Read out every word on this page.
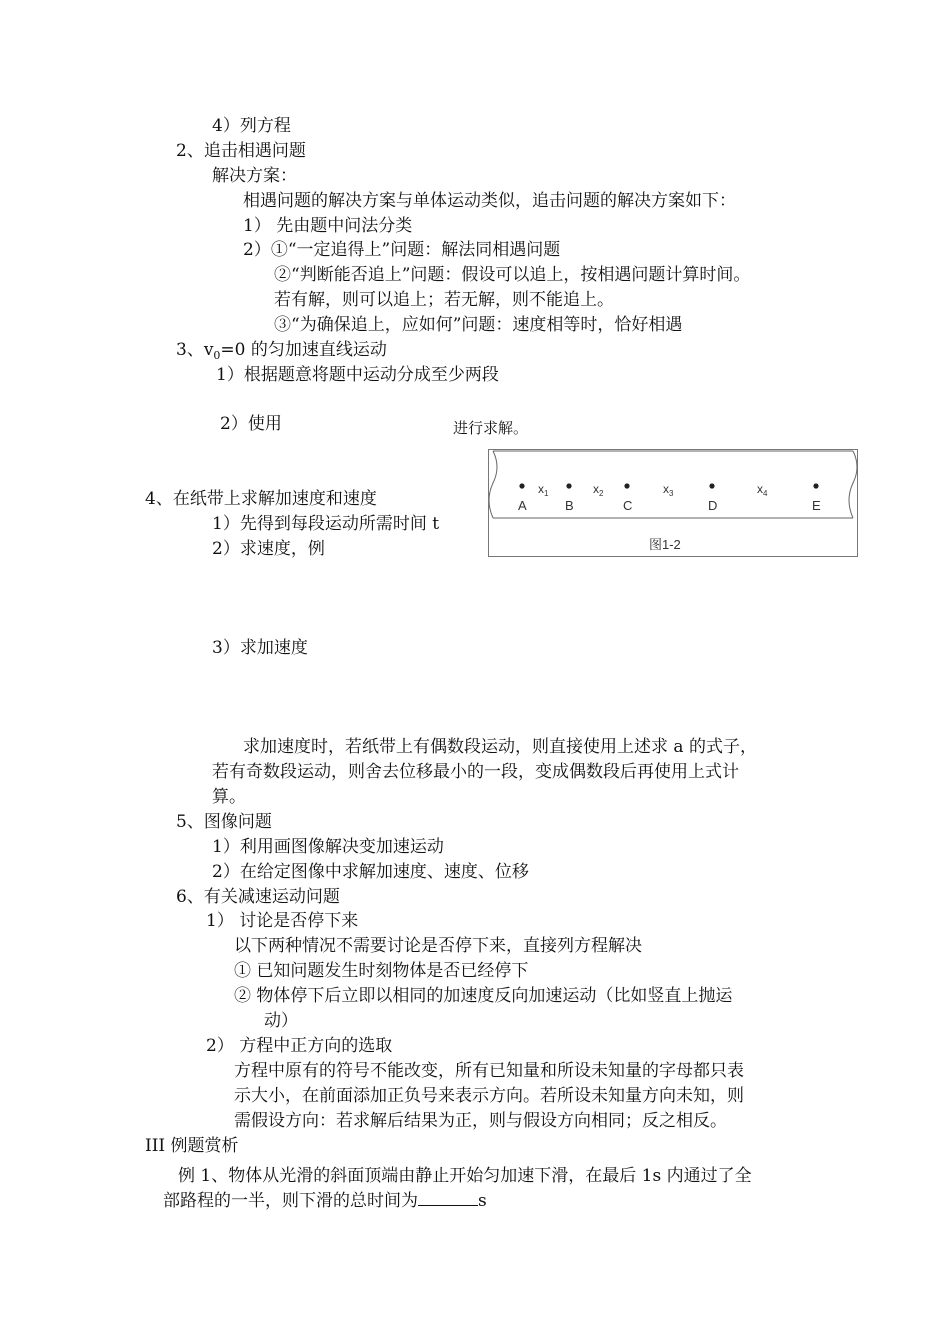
4）列方程
2、追击相遇问题
解决方案：
相遇问题的解决方案与单体运动类似，追击问题的解决方案如下：
1） 先由题中问法分类
2）①“一定追得上”问题：解法同相遇问题
②“判断能否追上”问题：假设可以追上，按相遇问题计算时间。
若有解，则可以追上；若无解，则不能追上。
③“为确保追上，应如何”问题：速度相等时，恰好相遇
3、$v_0=0$ 的匀加速直线运动
1）根据题意将题中运动分成至少两段
2）使用	进行求解。
4、在纸带上求解加速度和速度
1）先得到每段运动所需时间 t
2）求速度，例
3）求加速度
A	B	C	D	E
$x_1$	$x_2$	$x_3$	$x_4$
图1-2
求加速度时，若纸带上有偶数段运动，则直接使用上述求 a 的式子，
若有奇数段运动，则舍去位移最小的一段，变成偶数段后再使用上式计
算。
5、图像问题
1）利用画图像解决变加速运动
2）在给定图像中求解加速度、速度、位移
6、有关减速运动问题
1） 讨论是否停下来
以下两种情况不需要讨论是否停下来，直接列方程解决
① 已知问题发生时刻物体是否已经停下
② 物体停下后立即以相同的加速度反向加速运动（比如竖直上抛运
动）
2） 方程中正方向的选取
方程中原有的符号不能改变，所有已知量和所设未知量的字母都只表
示大小，在前面添加正负号来表示方向。若所设未知量方向未知，则
需假设方向：若求解后结果为正，则与假设方向相同；反之相反。
III 例题赏析
例 1、物体从光滑的斜面顶端由静止开始匀加速下滑，在最后 1s 内通过了全
部路程的一半，则下滑的总时间为	s
